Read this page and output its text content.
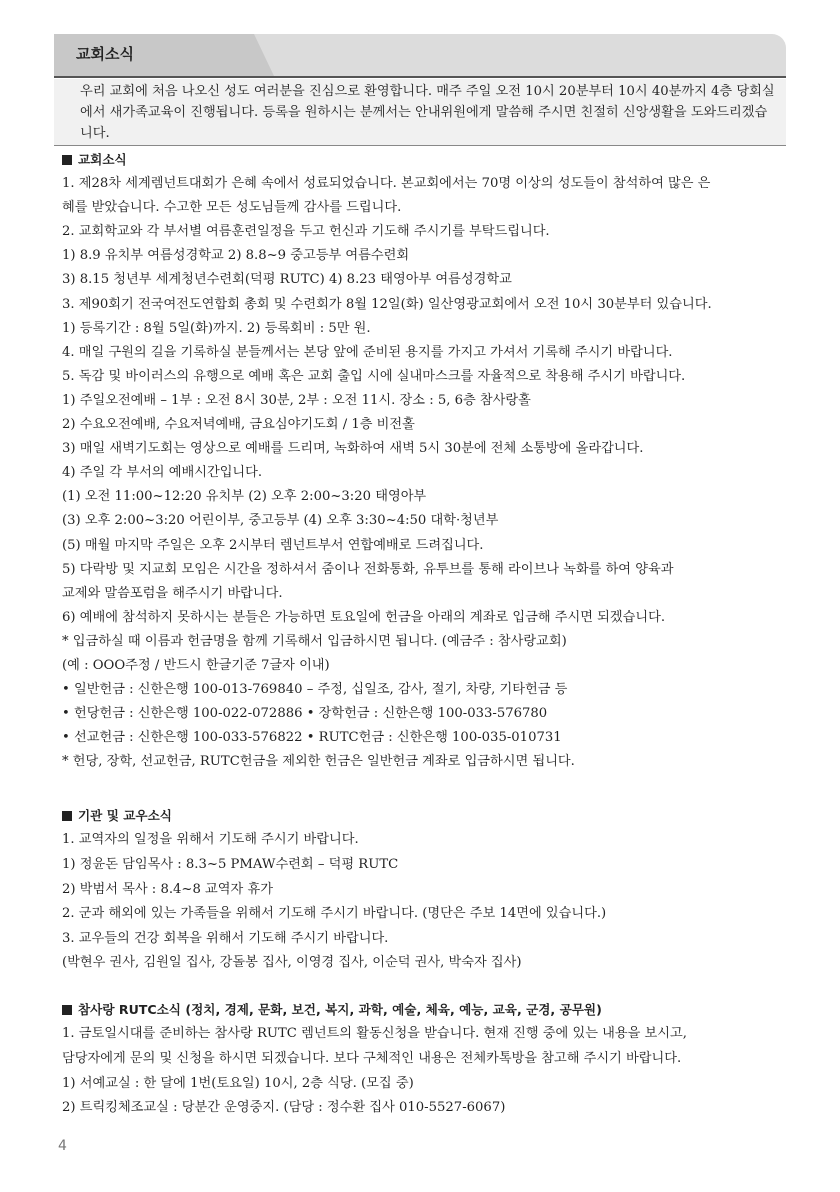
교회소식

우리 교회에 처음 나오신 성도 여러분을 진심으로 환영합니다. 매주 주일 오전 10시 20분부터 10시 40분까지 4층 당회실에서 새가족교육이 진행됩니다. 등록을 원하시는 분께서는 안내위원에게 말씀해 주시면 친절히 신앙생활을 도와드리겠습니다.

교회소식
1. 제28차 세계렘넌트대회가 은혜 속에서 성료되었습니다. 본교회에서는 70명 이상의 성도들이 참석하여 많은 은
혜를 받았습니다. 수고한 모든 성도님들께 감사를 드립니다.
2. 교회학교와 각 부서별 여름훈련일정을 두고 헌신과 기도해 주시기를 부탁드립니다.
1) 8.9 유치부 여름성경학교 2) 8.8~9 중고등부 여름수련회
3) 8.15 청년부 세계청년수련회(덕평 RUTC) 4) 8.23 태영아부 여름성경학교
3. 제90회기 전국여전도연합회 총회 및 수련회가 8월 12일(화) 일산영광교회에서 오전 10시 30분부터 있습니다.
1) 등록기간 : 8월 5일(화)까지. 2) 등록회비 : 5만 원.
4. 매일 구원의 길을 기록하실 분들께서는 본당 앞에 준비된 용지를 가지고 가셔서 기록해 주시기 바랍니다.
5. 독감 및 바이러스의 유행으로 예배 혹은 교회 출입 시에 실내마스크를 자율적으로 착용해 주시기 바랍니다.
1) 주일오전예배 – 1부 : 오전 8시 30분, 2부 : 오전 11시. 장소 : 5, 6층 참사랑홀
2) 수요오전예배, 수요저녁예배, 금요심야기도회 / 1층 비전홀
3) 매일 새벽기도회는 영상으로 예배를 드리며, 녹화하여 새벽 5시 30분에 전체 소통방에 올라갑니다.
4) 주일 각 부서의 예배시간입니다.
(1) 오전 11:00~12:20 유치부 (2) 오후 2:00~3:20 태영아부
(3) 오후 2:00~3:20 어린이부, 중고등부 (4) 오후 3:30~4:50 대학·청년부
(5) 매월 마지막 주일은 오후 2시부터 렘넌트부서 연합예배로 드려집니다.
5) 다락방 및 지교회 모임은 시간을 정하셔서 줌이나 전화통화, 유투브를 통해 라이브나 녹화를 하여 양육과
교제와 말씀포럼을 해주시기 바랍니다.
6) 예배에 참석하지 못하시는 분들은 가능하면 토요일에 헌금을 아래의 계좌로 입금해 주시면 되겠습니다.
* 입금하실 때 이름과 헌금명을 함께 기록해서 입금하시면 됩니다. (예금주 : 참사랑교회)
(예 : OOO주정 / 반드시 한글기준 7글자 이내)
• 일반헌금 : 신한은행 100-013-769840 – 주정, 십일조, 감사, 절기, 차량, 기타헌금 등
• 헌당헌금 : 신한은행 100-022-072886 • 장학헌금 : 신한은행 100-033-576780
• 선교헌금 : 신한은행 100-033-576822 • RUTC헌금 : 신한은행 100-035-010731
* 헌당, 장학, 선교헌금, RUTC헌금을 제외한 헌금은 일반헌금 계좌로 입금하시면 됩니다.
기관 및 교우소식
1. 교역자의 일정을 위해서 기도해 주시기 바랍니다.
1) 정윤돈 담임목사 : 8.3~5 PMAW수련회 – 덕평 RUTC
2) 박범서 목사 : 8.4~8 교역자 휴가
2. 군과 해외에 있는 가족들을 위해서 기도해 주시기 바랍니다. (명단은 주보 14면에 있습니다.)
3. 교우들의 건강 회복을 위해서 기도해 주시기 바랍니다.
(박현우 권사, 김원일 집사, 강돌봉 집사, 이영경 집사, 이순덕 권사, 박숙자 집사)
참사랑 RUTC소식 (정치, 경제, 문화, 보건, 복지, 과학, 예술, 체육, 예능, 교육, 군경, 공무원)
1. 금토일시대를 준비하는 참사랑 RUTC 렘넌트의 활동신청을 받습니다. 현재 진행 중에 있는 내용을 보시고,
담당자에게 문의 및 신청을 하시면 되겠습니다. 보다 구체적인 내용은 전체카톡방을 참고해 주시기 바랍니다.
1) 서예교실 : 한 달에 1번(토요일) 10시, 2층 식당. (모집 중)
2) 트릭킹체조교실 : 당분간 운영중지. (담당 : 정수환 집사 010-5527-6067)
4
